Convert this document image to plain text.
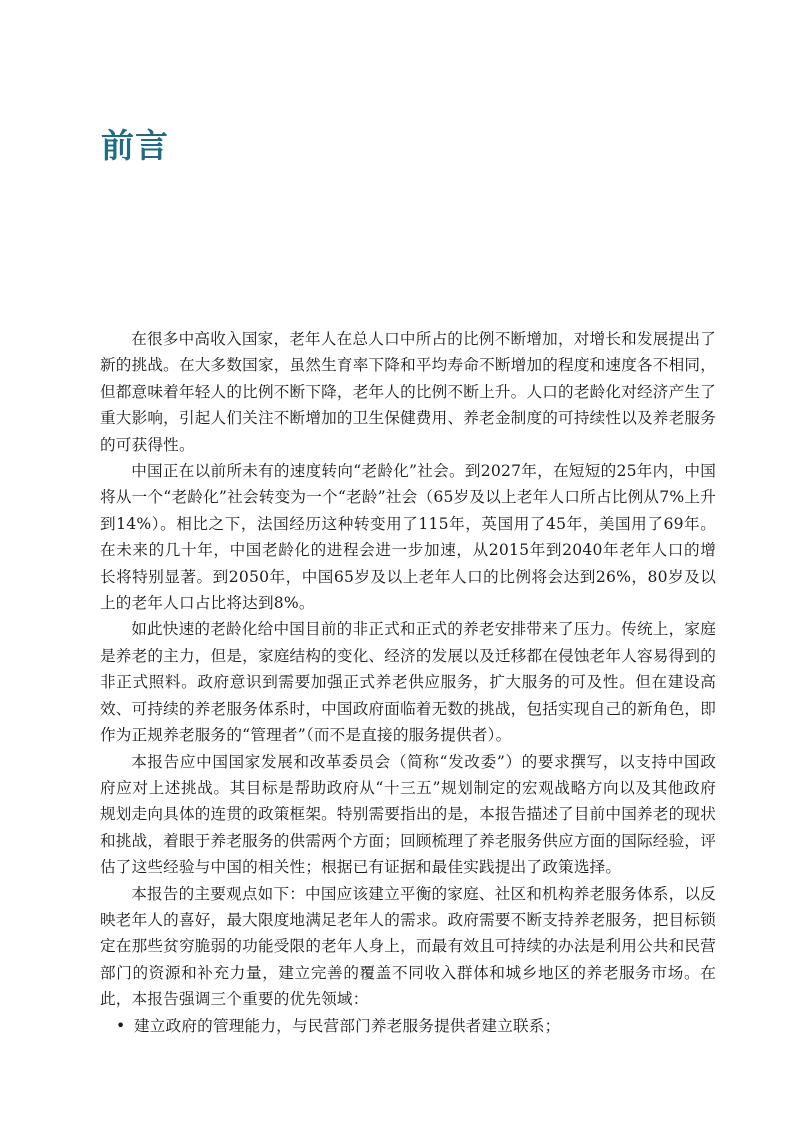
前言

在很多中高收入国家，老年人在总人口中所占的比例不断增加，对增长和发展提出了新的挑战。在大多数国家，虽然生育率下降和平均寿命不断增加的程度和速度各不相同，但都意味着年轻人的比例不断下降，老年人的比例不断上升。人口的老龄化对经济产生了重大影响，引起人们关注不断增加的卫生保健费用、养老金制度的可持续性以及养老服务的可获得性。

中国正在以前所未有的速度转向“老龄化”社会。到2027年，在短短的25年内，中国将从一个“老龄化”社会转变为一个“老龄”社会（65岁及以上老年人口所占比例从7%上升到14%）。相比之下，法国经历这种转变用了115年，英国用了45年，美国用了69年。在未来的几十年，中国老龄化的进程会进一步加速，从2015年到2040年老年人口的增长将特别显著。到2050年，中国65岁及以上老年人口的比例将会达到26%，80岁及以上的老年人口占比将达到8%。

如此快速的老龄化给中国目前的非正式和正式的养老安排带来了压力。传统上，家庭是养老的主力，但是，家庭结构的变化、经济的发展以及迁移都在侵蚀老年人容易得到的非正式照料。政府意识到需要加强正式养老供应服务，扩大服务的可及性。但在建设高效、可持续的养老服务体系时，中国政府面临着无数的挑战，包括实现自己的新角色，即作为正规养老服务的“管理者”（而不是直接的服务提供者）。

本报告应中国国家发展和改革委员会（简称“发改委”）的要求撰写，以支持中国政府应对上述挑战。其目标是帮助政府从“十三五”规划制定的宏观战略方向以及其他政府规划走向具体的连贯的政策框架。特别需要指出的是，本报告描述了目前中国养老的现状和挑战，着眼于养老服务的供需两个方面；回顾梳理了养老服务供应方面的国际经验，评估了这些经验与中国的相关性；根据已有证据和最佳实践提出了政策选择。

本报告的主要观点如下：中国应该建立平衡的家庭、社区和机构养老服务体系，以反映老年人的喜好，最大限度地满足老年人的需求。政府需要不断支持养老服务，把目标锁定在那些贫穷脆弱的功能受限的老年人身上，而最有效且可持续的办法是利用公共和民营部门的资源和补充力量，建立完善的覆盖不同收入群体和城乡地区的养老服务市场。在此，本报告强调三个重要的优先领域：

• 建立政府的管理能力，与民营部门养老服务提供者建立联系；
